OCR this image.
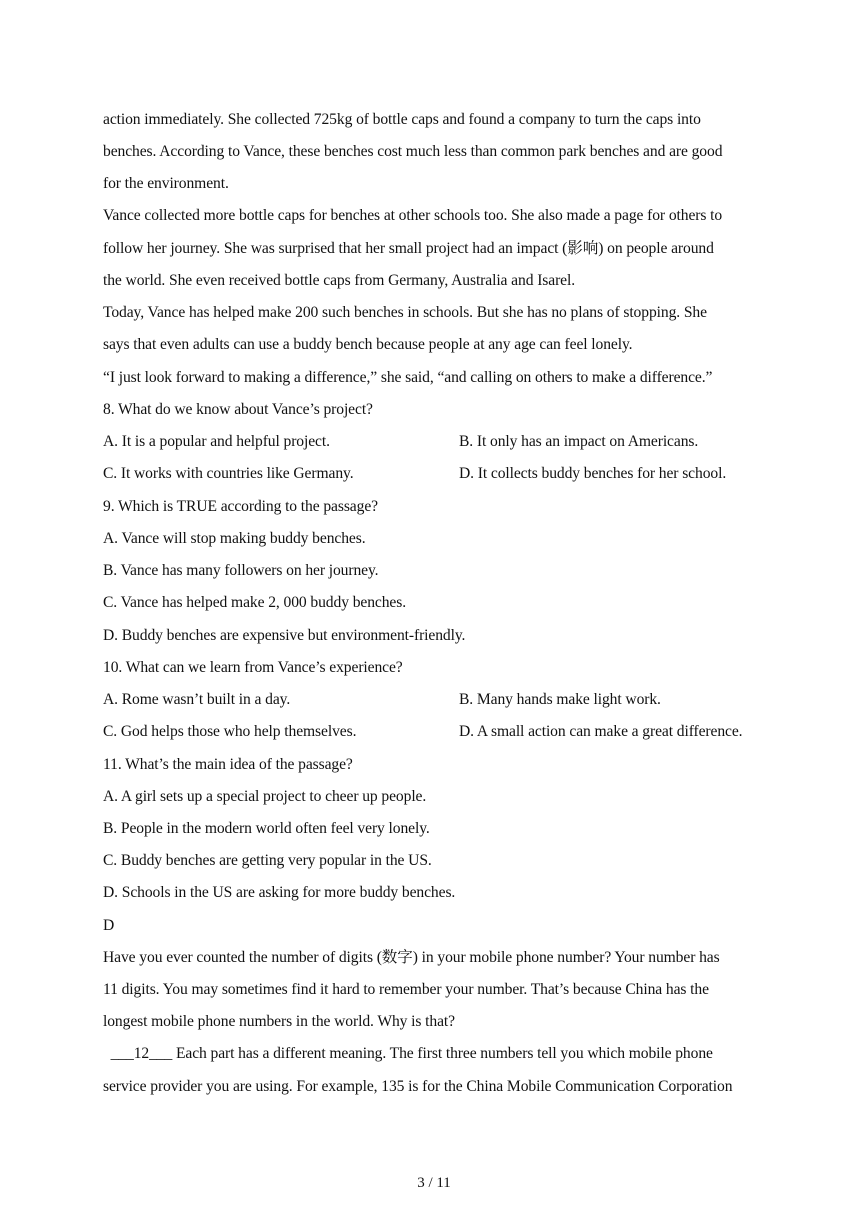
action immediately. She collected 725kg of bottle caps and found a company to turn the caps into
benches. According to Vance, these benches cost much less than common park benches and are good
for the environment.
Vance collected more bottle caps for benches at other schools too. She also made a page for others to
follow her journey. She was surprised that her small project had an impact (影响) on people around
the world. She even received bottle caps from Germany, Australia and Isarel.
Today, Vance has helped make 200 such benches in schools. But she has no plans of stopping. She
says that even adults can use a buddy bench because people at any age can feel lonely.
“I just look forward to making a difference,” she said, “and calling on others to make a difference.”
8. What do we know about Vance’s project?
A. It is a popular and helpful project.	B. It only has an impact on Americans.
C. It works with countries like Germany.	D. It collects buddy benches for her school.
9. Which is TRUE according to the passage?
A. Vance will stop making buddy benches.
B. Vance has many followers on her journey.
C. Vance has helped make 2, 000 buddy benches.
D. Buddy benches are expensive but environment-friendly.
10. What can we learn from Vance’s experience?
A. Rome wasn’t built in a day.	B. Many hands make light work.
C. God helps those who help themselves.	D. A small action can make a great difference.
11. What’s the main idea of the passage?
A. A girl sets up a special project to cheer up people.
B. People in the modern world often feel very lonely.
C. Buddy benches are getting very popular in the US.
D. Schools in the US are asking for more buddy benches.
D
Have you ever counted the number of digits (数字) in your mobile phone number? Your number has
11 digits. You may sometimes find it hard to remember your number. That’s because China has the
longest mobile phone numbers in the world. Why is that?
___12___ Each part has a different meaning. The first three numbers tell you which mobile phone
service provider you are using. For example, 135 is for the China Mobile Communication Corporation
3 / 11
